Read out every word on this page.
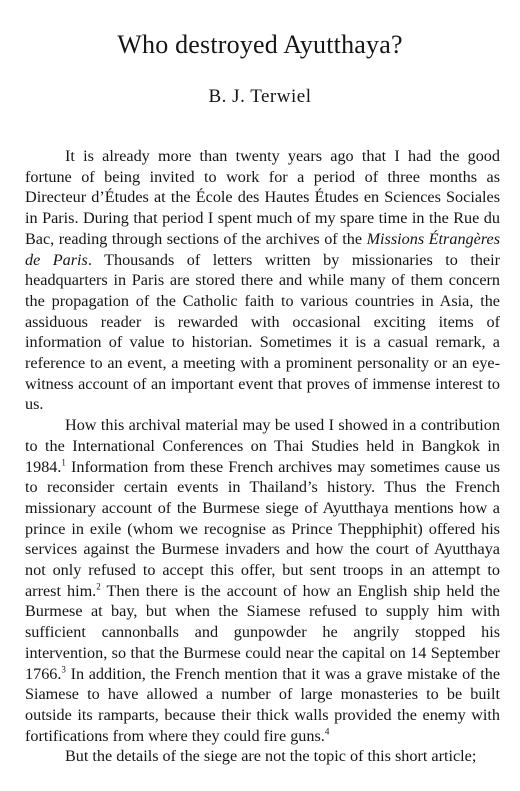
Who destroyed Ayutthaya?
B. J. Terwiel

It is already more than twenty years ago that I had the good fortune of being invited to work for a period of three months as Directeur d’Études at the École des Hautes Études en Sciences Sociales in Paris. During that period I spent much of my spare time in the Rue du Bac, reading through sections of the archives of the Missions Étrangères de Paris. Thousands of letters written by missionaries to their headquarters in Paris are stored there and while many of them concern the propagation of the Catholic faith to various countries in Asia, the assiduous reader is rewarded with occasional exciting items of information of value to historian. Sometimes it is a casual remark, a reference to an event, a meeting with a prominent personality or an eye-witness account of an important event that proves of immense interest to us.

How this archival material may be used I showed in a contribution to the International Conferences on Thai Studies held in Bangkok in 1984.$^1$ Information from these French archives may sometimes cause us to reconsider certain events in Thailand’s history. Thus the French missionary account of the Burmese siege of Ayutthaya mentions how a prince in exile (whom we recognise as Prince Thepphiphit) offered his services against the Burmese invaders and how the court of Ayutthaya not only refused to accept this offer, but sent troops in an attempt to arrest him.$^2$ Then there is the account of how an English ship held the Burmese at bay, but when the Siamese refused to supply him with sufficient cannonballs and gunpowder he angrily stopped his intervention, so that the Burmese could near the capital on 14 September 1766.$^3$ In addition, the French mention that it was a grave mistake of the Siamese to have allowed a number of large monasteries to be built outside its ramparts, because their thick walls provided the enemy with fortifications from where they could fire guns.$^4$

But the details of the siege are not the topic of this short article;
